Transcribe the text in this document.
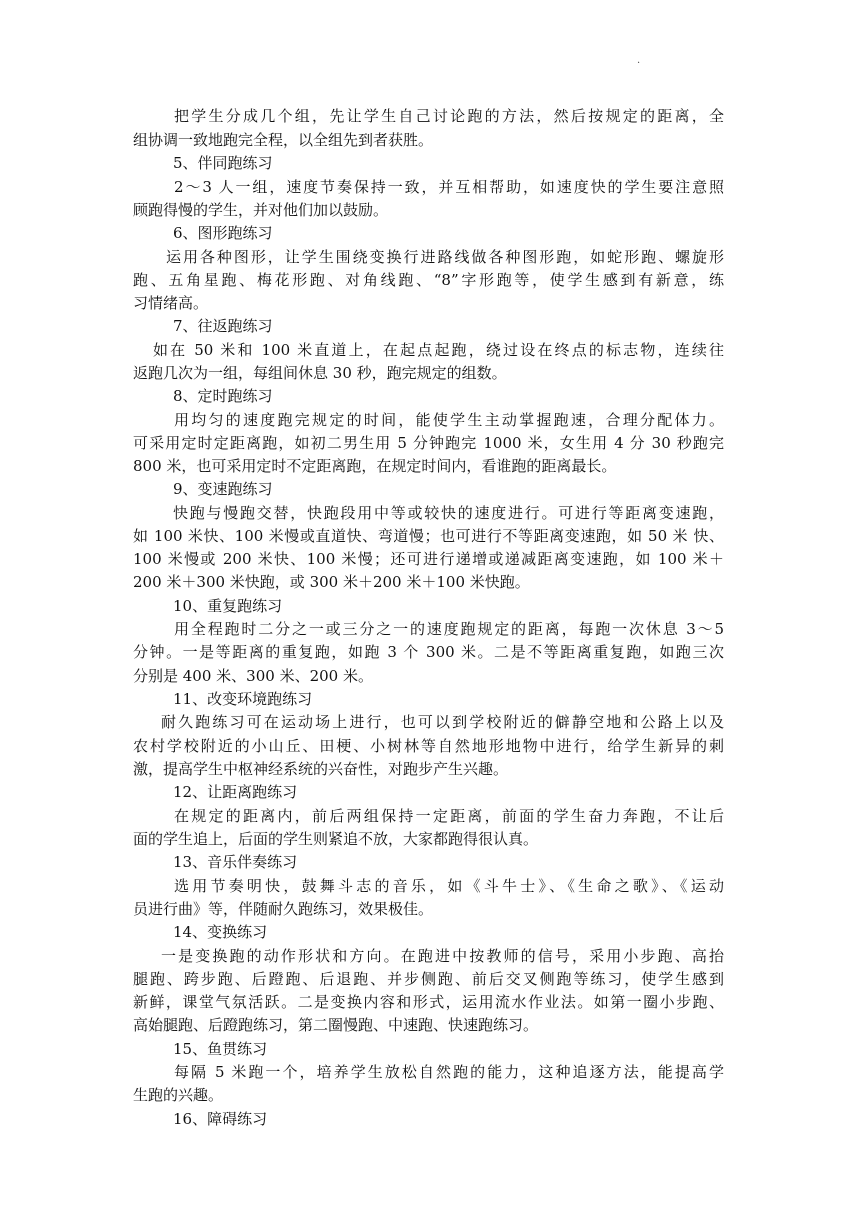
·
把学生分成几个组，先让学生自己讨论跑的方法，然后按规定的距离，全
组协调一致地跑完全程，以全组先到者获胜。
5、伴同跑练习
2～3 人一组，速度节奏保持一致，并互相帮助，如速度快的学生要注意照
顾跑得慢的学生，并对他们加以鼓励。
6、图形跑练习
运用各种图形，让学生围绕变换行进路线做各种图形跑，如蛇形跑、螺旋形
跑、五角星跑、梅花形跑、对角线跑、“8”字形跑等，使学生感到有新意，练
习情绪高。
7、往返跑练习
如在 50 米和 100 米直道上，在起点起跑，绕过设在终点的标志物，连续往
返跑几次为一组，每组间休息 30 秒，跑完规定的组数。
8、定时跑练习
用均匀的速度跑完规定的时间，能使学生主动掌握跑速，合理分配体力。
可采用定时定距离跑，如初二男生用 5 分钟跑完 1000 米，女生用 4 分 30 秒跑完
800 米，也可采用定时不定距离跑，在规定时间内，看谁跑的距离最长。
9、变速跑练习
快跑与慢跑交替，快跑段用中等或较快的速度进行。可进行等距离变速跑，
如 100 米快、100 米慢或直道快、弯道慢；也可进行不等距离变速跑，如 50 米 快、
100 米慢或 200 米快、100 米慢；还可进行递增或递减距离变速跑，如 100 米＋
200 米＋300 米快跑，或 300 米＋200 米＋100 米快跑。
10、重复跑练习
用全程跑时二分之一或三分之一的速度跑规定的距离，每跑一次休息 3～5
分钟。一是等距离的重复跑，如跑 3 个 300 米。二是不等距离重复跑，如跑三次
分别是 400 米、300 米、200 米。
11、改变环境跑练习
耐久跑练习可在运动场上进行，也可以到学校附近的僻静空地和公路上以及
农村学校附近的小山丘、田梗、小树林等自然地形地物中进行，给学生新异的刺
激，提高学生中枢神经系统的兴奋性，对跑步产生兴趣。
12、让距离跑练习
在规定的距离内，前后两组保持一定距离，前面的学生奋力奔跑，不让后
面的学生追上，后面的学生则紧追不放，大家都跑得很认真。
13、音乐伴奏练习
选用节奏明快，鼓舞斗志的音乐，如《斗牛士》、《生命之歌》、《运动
员进行曲》等，伴随耐久跑练习，效果极佳。
14、变换练习
一是变换跑的动作形状和方向。在跑进中按教师的信号，采用小步跑、高抬
腿跑、跨步跑、后蹬跑、后退跑、并步侧跑、前后交叉侧跑等练习，使学生感到
新鲜，课堂气氛活跃。二是变换内容和形式，运用流水作业法。如第一圈小步跑、
高始腿跑、后蹬跑练习，第二圈慢跑、中速跑、快速跑练习。
15、鱼贯练习
每隔 5 米跑一个，培养学生放松自然跑的能力，这种追逐方法，能提高学
生跑的兴趣。
16、障碍练习
